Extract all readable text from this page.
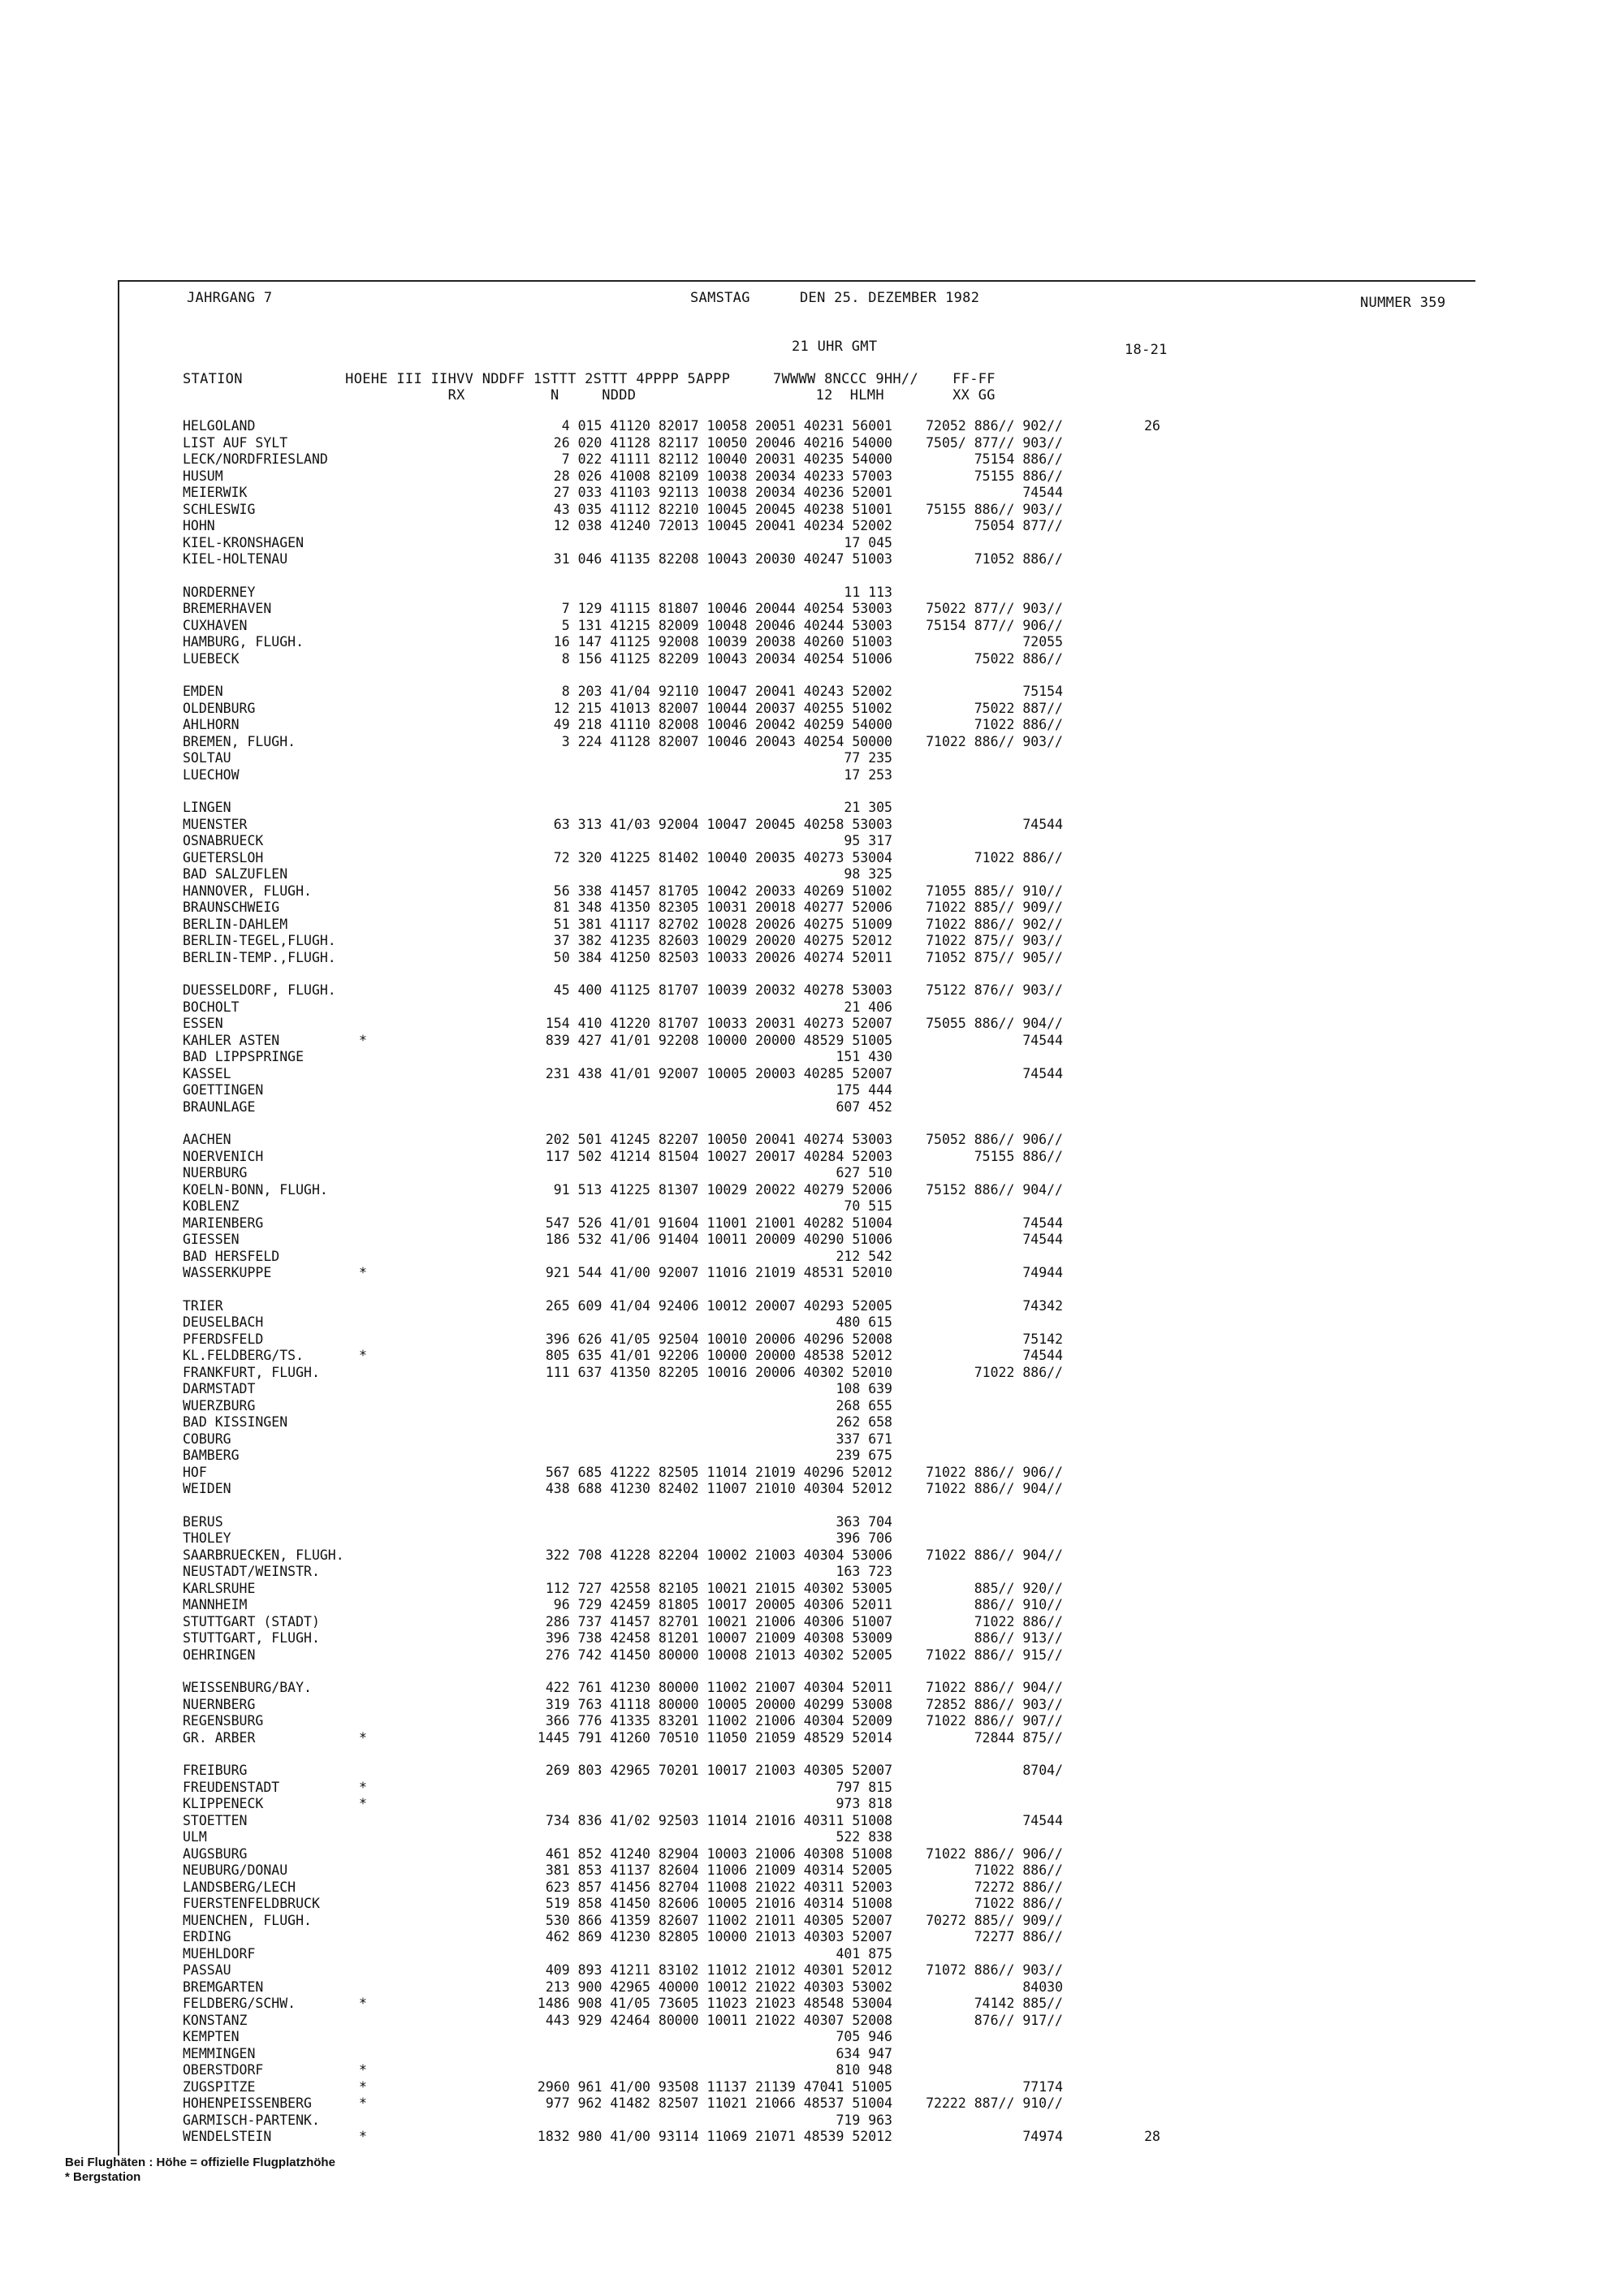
JAHRGANG 7	SAMSTAG	DEN 25. DEZEMBER 1982	NUMMER 359
21 UHR GMT	18-21
STATION            HOEHE III IIHVV NDDFF 1STTT 2STTT 4PPPP 5APPP     7WWWW 8NCCC 9HH//    FF-FF
RX          N     NDDD                     12  HLMH        XX GG
HELGOLAND	4 015 41120 82017 10058 20051 40231 56001	72052 886// 902//	26
LIST AUF SYLT	26 020 41128 82117 10050 20046 40216 54000	7505/ 877// 903//
LECK/NORDFRIESLAND	7 022 41111 82112 10040 20031 40235 54000	75154 886//
HUSUM	28 026 41008 82109 10038 20034 40233 57003	75155 886//
MEIERWIK	27 033 41103 92113 10038 20034 40236 52001	74544
SCHLESWIG	43 035 41112 82210 10045 20045 40238 51001	75155 886// 903//
HOHN	12 038 41240 72013 10045 20041 40234 52002	75054 877//
KIEL-KRONSHAGEN	17 045
KIEL-HOLTENAU	31 046 41135 82208 10043 20030 40247 51003	71052 886//
NORDERNEY	11 113
BREMERHAVEN	7 129 41115 81807 10046 20044 40254 53003	75022 877// 903//
CUXHAVEN	5 131 41215 82009 10048 20046 40244 53003	75154 877// 906//
HAMBURG, FLUGH.	16 147 41125 92008 10039 20038 40260 51003	72055
LUEBECK	8 156 41125 82209 10043 20034 40254 51006	75022 886//
EMDEN	8 203 41/04 92110 10047 20041 40243 52002	75154
OLDENBURG	12 215 41013 82007 10044 20037 40255 51002	75022 887//
AHLHORN	49 218 41110 82008 10046 20042 40259 54000	71022 886//
BREMEN, FLUGH.	3 224 41128 82007 10046 20043 40254 50000	71022 886// 903//
SOLTAU	77 235
LUECHOW	17 253
LINGEN	21 305
MUENSTER	63 313 41/03 92004 10047 20045 40258 53003	74544
OSNABRUECK	95 317
GUETERSLOH	72 320 41225 81402 10040 20035 40273 53004	71022 886//
BAD SALZUFLEN	98 325
HANNOVER, FLUGH.	56 338 41457 81705 10042 20033 40269 51002	71055 885// 910//
BRAUNSCHWEIG	81 348 41350 82305 10031 20018 40277 52006	71022 885// 909//
BERLIN-DAHLEM	51 381 41117 82702 10028 20026 40275 51009	71022 886// 902//
BERLIN-TEGEL,FLUGH.	37 382 41235 82603 10029 20020 40275 52012	71022 875// 903//
BERLIN-TEMP.,FLUGH.	50 384 41250 82503 10033 20026 40274 52011	71052 875// 905//
DUESSELDORF, FLUGH.	45 400 41125 81707 10039 20032 40278 53003	75122 876// 903//
BOCHOLT	21 406
ESSEN	154 410 41220 81707 10033 20031 40273 52007	75055 886// 904//
KAHLER ASTEN	*	839 427 41/01 92208 10000 20000 48529 51005	74544
BAD LIPPSPRINGE	151 430
KASSEL	231 438 41/01 92007 10005 20003 40285 52007	74544
GOETTINGEN	175 444
BRAUNLAGE	607 452
AACHEN	202 501 41245 82207 10050 20041 40274 53003	75052 886// 906//
NOERVENICH	117 502 41214 81504 10027 20017 40284 52003	75155 886//
NUERBURG	627 510
KOELN-BONN, FLUGH.	91 513 41225 81307 10029 20022 40279 52006	75152 886// 904//
KOBLENZ	70 515
MARIENBERG	547 526 41/01 91604 11001 21001 40282 51004	74544
GIESSEN	186 532 41/06 91404 10011 20009 40290 51006	74544
BAD HERSFELD	212 542
WASSERKUPPE	*	921 544 41/00 92007 11016 21019 48531 52010	74944
TRIER	265 609 41/04 92406 10012 20007 40293 52005	74342
DEUSELBACH	480 615
PFERDSFELD	396 626 41/05 92504 10010 20006 40296 52008	75142
KL.FELDBERG/TS.	*	805 635 41/01 92206 10000 20000 48538 52012	74544
FRANKFURT, FLUGH.	111 637 41350 82205 10016 20006 40302 52010	71022 886//
DARMSTADT	108 639
WUERZBURG	268 655
BAD KISSINGEN	262 658
COBURG	337 671
BAMBERG	239 675
HOF	567 685 41222 82505 11014 21019 40296 52012	71022 886// 906//
WEIDEN	438 688 41230 82402 11007 21010 40304 52012	71022 886// 904//
BERUS	363 704
THOLEY	396 706
SAARBRUECKEN, FLUGH.	322 708 41228 82204 10002 21003 40304 53006	71022 886// 904//
NEUSTADT/WEINSTR.	163 723
KARLSRUHE	112 727 42558 82105 10021 21015 40302 53005	885// 920//
MANNHEIM	96 729 42459 81805 10017 20005 40306 52011	886// 910//
STUTTGART (STADT)	286 737 41457 82701 10021 21006 40306 51007	71022 886//
STUTTGART, FLUGH.	396 738 42458 81201 10007 21009 40308 53009	886// 913//
OEHRINGEN	276 742 41450 80000 10008 21013 40302 52005	71022 886// 915//
WEISSENBURG/BAY.	422 761 41230 80000 11002 21007 40304 52011	71022 886// 904//
NUERNBERG	319 763 41118 80000 10005 20000 40299 53008	72852 886// 903//
REGENSBURG	366 776 41335 83201 11002 21006 40304 52009	71022 886// 907//
GR. ARBER	*	1445 791 41260 70510 11050 21059 48529 52014	72844 875//
FREIBURG	269 803 42965 70201 10017 21003 40305 52007	8704/
FREUDENSTADT	*	797 815
KLIPPENECK	*	973 818
STOETTEN	734 836 41/02 92503 11014 21016 40311 51008	74544
ULM	522 838
AUGSBURG	461 852 41240 82904 10003 21006 40308 51008	71022 886// 906//
NEUBURG/DONAU	381 853 41137 82604 11006 21009 40314 52005	71022 886//
LANDSBERG/LECH	623 857 41456 82704 11008 21022 40311 52003	72272 886//
FUERSTENFELDBRUCK	519 858 41450 82606 10005 21016 40314 51008	71022 886//
MUENCHEN, FLUGH.	530 866 41359 82607 11002 21011 40305 52007	70272 885// 909//
ERDING	462 869 41230 82805 10000 21013 40303 52007	72277 886//
MUEHLDORF	401 875
PASSAU	409 893 41211 83102 11012 21012 40301 52012	71072 886// 903//
BREMGARTEN	213 900 42965 40000 10012 21022 40303 53002	84030
FELDBERG/SCHW.	*	1486 908 41/05 73605 11023 21023 48548 53004	74142 885//
KONSTANZ	443 929 42464 80000 10011 21022 40307 52008	876// 917//
KEMPTEN	705 946
MEMMINGEN	634 947
OBERSTDORF	*	810 948
ZUGSPITZE	*	2960 961 41/00 93508 11137 21139 47041 51005	77174
HOHENPEISSENBERG	*	977 962 41482 82507 11021 21066 48537 51004	72222 887// 910//
GARMISCH-PARTENK.	719 963
WENDELSTEIN	*	1832 980 41/00 93114 11069 21071 48539 52012	74974	28
Bei Flughäten : Höhe = offizielle Flugplatzhöhe
* Bergstation
